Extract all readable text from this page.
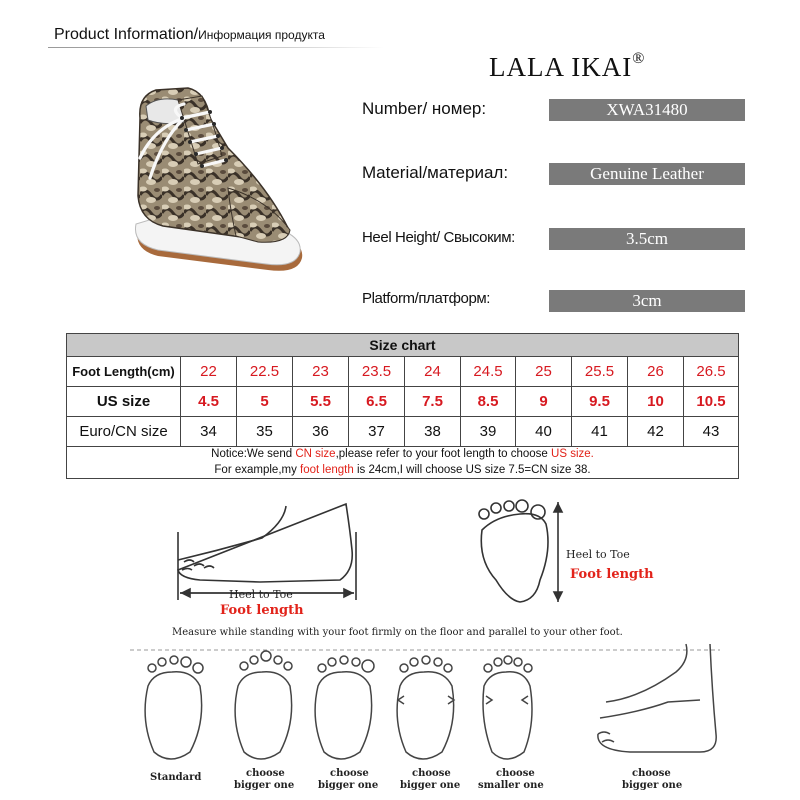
Product Information/Информация продукта
LALA IKAI®
Number/ номер:	XWA31480
Material/материал:	Genuine Leather
Heel Height/ Свысоким:	3.5cm
Platform/платформ:	3cm
Size chart
Foot Length(cm)	22	22.5	23	23.5	24	24.5	25	25.5	26	26.5
US size	4.5	5	5.5	6.5	7.5	8.5	9	9.5	10	10.5
Euro/CN size	34	35	36	37	38	39	40	41	42	43
Notice:We send CN size,please refer to your foot length to choose US size.
For example,my foot length is 24cm,I will choose US size 7.5=CN size 38.
Heel to Toe
Foot length
Heel to Toe
Foot length
Measure while standing with your foot firmly on the floor and parallel to your other foot.
Standard	choose
bigger one
choose
bigger one
choose
bigger one
choose
smaller one
choose
bigger one
